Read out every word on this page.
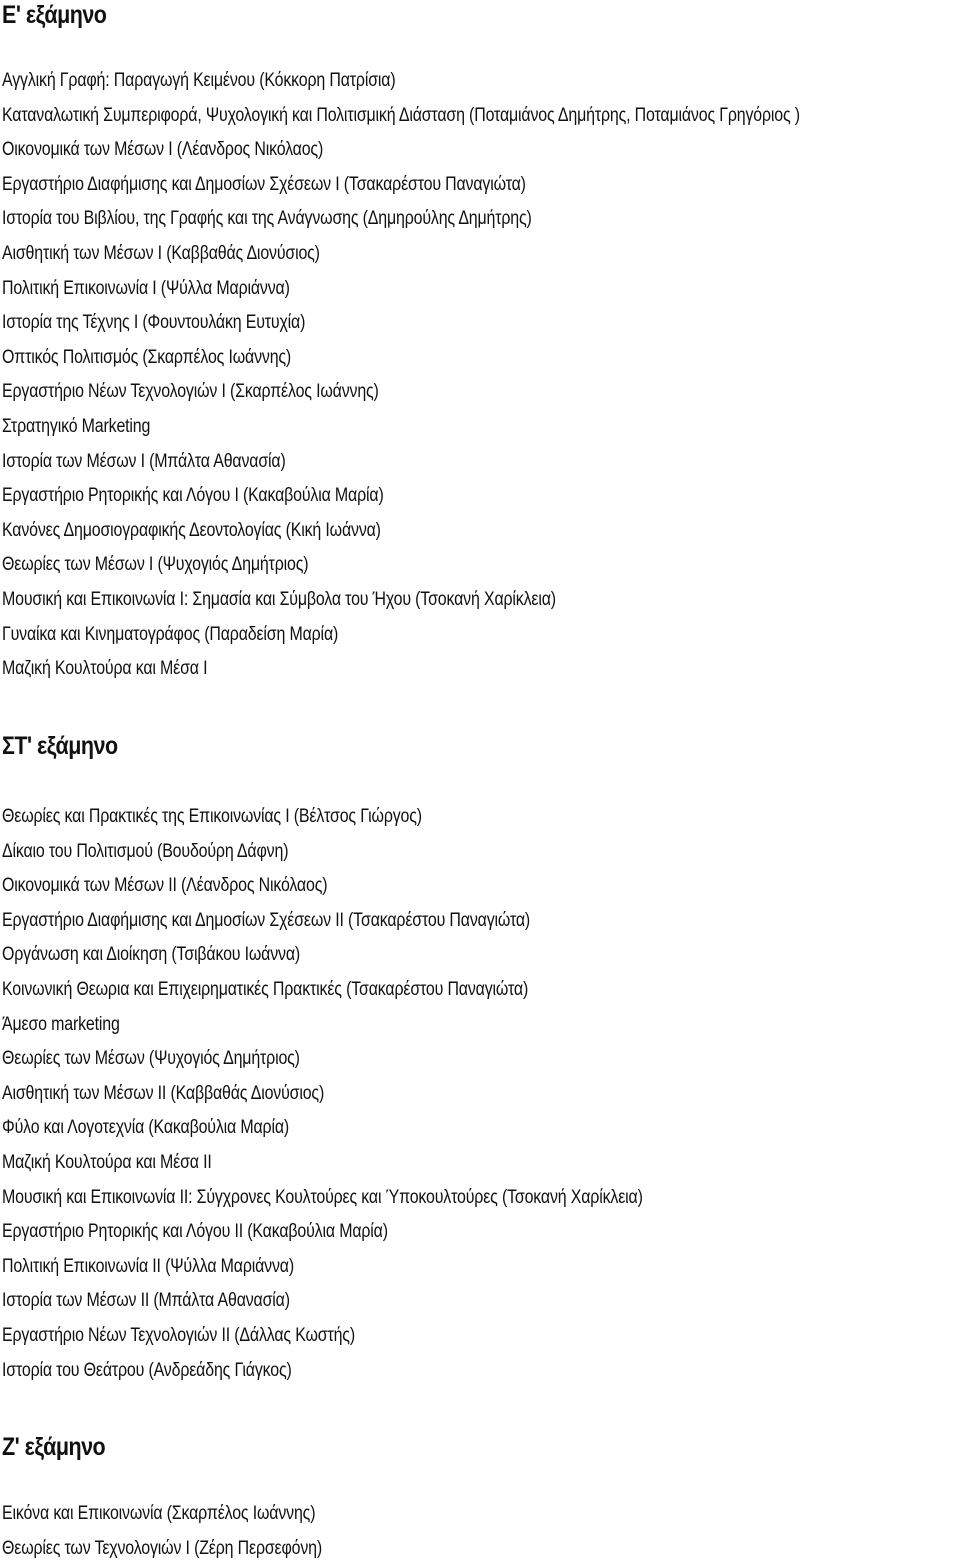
Ε' εξάμηνο
Αγγλική Γραφή: Παραγωγή Κειμένου (Κόκκορη Πατρίσια)
Καταναλωτική Συμπεριφορά, Ψυχολογική και Πολιτισμική Διάσταση (Ποταμιάνος Δημήτρης, Ποταμιάνος Γρηγόριος )
Οικονομικά των Μέσων Ι (Λέανδρος Νικόλαος)
Εργαστήριο Διαφήμισης και Δημοσίων Σχέσεων Ι (Τσακαρέστου Παναγιώτα)
Ιστορία του Βιβλίου, της Γραφής και της Ανάγνωσης (Δημηρούλης Δημήτρης)
Αισθητική των Μέσων Ι (Καββαθάς Διονύσιος)
Πολιτική Επικοινωνία Ι (Ψύλλα Μαριάννα)
Ιστορία της Τέχνης Ι (Φουντουλάκη Ευτυχία)
Οπτικός Πολιτισμός (Σκαρπέλος Ιωάννης)
Εργαστήριο Νέων Τεχνολογιών Ι (Σκαρπέλος Ιωάννης)
Στρατηγικό Marketing
Ιστορία των Μέσων Ι (Μπάλτα Αθανασία)
Εργαστήριο Ρητορικής και Λόγου Ι (Κακαβούλια Μαρία)
Κανόνες Δημοσιογραφικής Δεοντολογίας (Κική Ιωάννα)
Θεωρίες των Μέσων Ι (Ψυχογιός Δημήτριος)
Μουσική και Επικοινωνία Ι: Σημασία και Σύμβολα του Ήχου (Τσοκανή Χαρίκλεια)
Γυναίκα και Κινηματογράφος (Παραδείση Μαρία)
Μαζική Κουλτούρα και Μέσα Ι
ΣΤ' εξάμηνο
Θεωρίες και Πρακτικές της Επικοινωνίας Ι (Βέλτσος Γιώργος)
Δίκαιο του Πολιτισμού (Βουδούρη Δάφνη)
Οικονομικά των Μέσων ΙΙ (Λέανδρος Νικόλαος)
Εργαστήριο Διαφήμισης και Δημοσίων Σχέσεων ΙΙ (Τσακαρέστου Παναγιώτα)
Οργάνωση και Διοίκηση (Τσιβάκου Ιωάννα)
Κοινωνική Θεωρια και Επιχειρηματικές Πρακτικές (Τσακαρέστου Παναγιώτα)
Άμεσο marketing
Θεωρίες των Μέσων (Ψυχογιός Δημήτριος)
Αισθητική των Μέσων ΙΙ (Καββαθάς Διονύσιος)
Φύλο και Λογοτεχνία (Κακαβούλια Μαρία)
Μαζική Κουλτούρα και Μέσα ΙΙ
Μουσική και Επικοινωνία ΙΙ: Σύγχρονες Κουλτούρες και Ύποκουλτούρες (Τσοκανή Χαρίκλεια)
Εργαστήριο Ρητορικής και Λόγου ΙΙ (Κακαβούλια Μαρία)
Πολιτική Επικοινωνία ΙΙ (Ψύλλα Μαριάννα)
Ιστορία των Μέσων ΙΙ (Μπάλτα Αθανασία)
Εργαστήριο Νέων Τεχνολογιών ΙΙ (Δάλλας Κωστής)
Ιστορία του Θεάτρου (Ανδρεάδης Γιάγκος)
Ζ' εξάμηνο
Εικόνα και Επικοινωνία (Σκαρπέλος Ιωάννης)
Θεωρίες των Τεχνολογιών Ι (Ζέρη Περσεφόνη)
